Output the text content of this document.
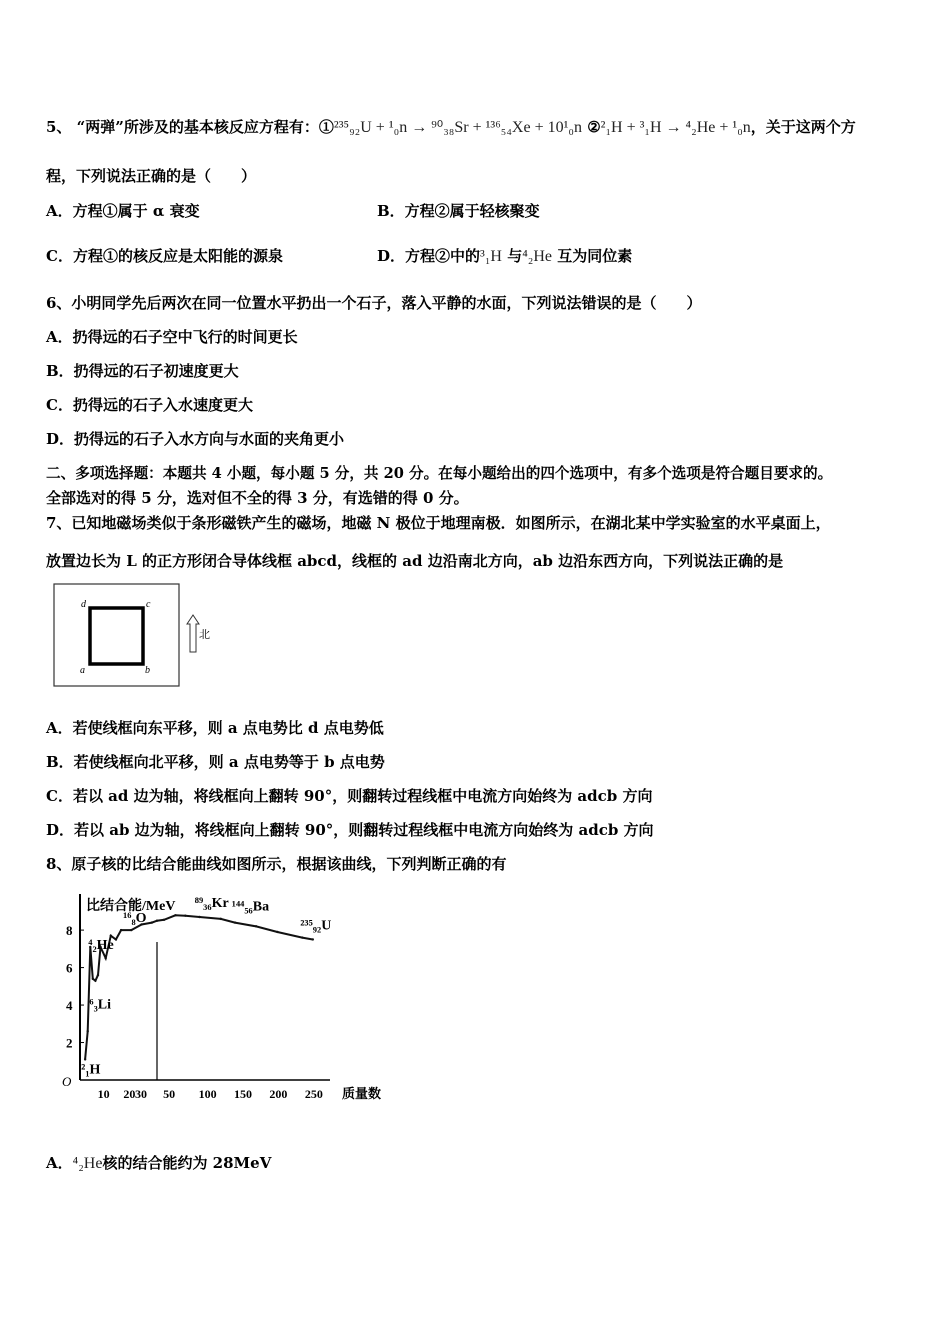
5、 “两弹”所涉及的基本核反应方程有：①²³⁵₉₂U + ¹₀n → ⁹⁰₃₈Sr + ¹³⁶₅₄Xe + 10¹₀n ②²₁H + ³₁H → ⁴₂He + ¹₀n，关于这两个方
程，下列说法正确的是（　　）
A．方程①属于 α 衰变	B．方程②属于轻核聚变
C．方程①的核反应是太阳能的源泉	D．方程②中的³₁H 与⁴₂He 互为同位素
6、小明同学先后两次在同一位置水平扔出一个石子，落入平静的水面，下列说法错误的是（　　）
A．扔得远的石子空中飞行的时间更长
B．扔得远的石子初速度更大
C．扔得远的石子入水速度更大
D．扔得远的石子入水方向与水面的夹角更小
二、多项选择题：本题共 4 小题，每小题 5 分，共 20 分。在每小题给出的四个选项中，有多个选项是符合题目要求的。
全部选对的得 5 分，选对但不全的得 3 分，有选错的得 0 分。
7、已知地磁场类似于条形磁铁产生的磁场，地磁 N 极位于地理南极．如图所示，在湖北某中学实验室的水平桌面上，
放置边长为 L 的正方形闭合导体线框 abcd，线框的 ad 边沿南北方向，ab 边沿东西方向，下列说法正确的是
d	c
a	b
北
A．若使线框向东平移，则 a 点电势比 d 点电势低
B．若使线框向北平移，则 a 点电势等于 b 点电势
C．若以 ad 边为轴，将线框向上翻转 90°，则翻转过程线框中电流方向始终为 adcb 方向
D．若以 ab 边为轴，将线框向上翻转 90°，则翻转过程线框中电流方向始终为 adcb 方向
8、原子核的比结合能曲线如图所示，根据该曲线，下列判断正确的有
比结合能/MeV
O
2
4
6
8
10 20 30 50 100 150 200 250 质量数
²₁H
⁴₂He
⁶₃Li
¹⁶₈O
⁸⁹₃₆Kr ¹⁴⁴₅₆Ba
²³⁵₉₂U
A．⁴₂He核的结合能约为 28MeV
